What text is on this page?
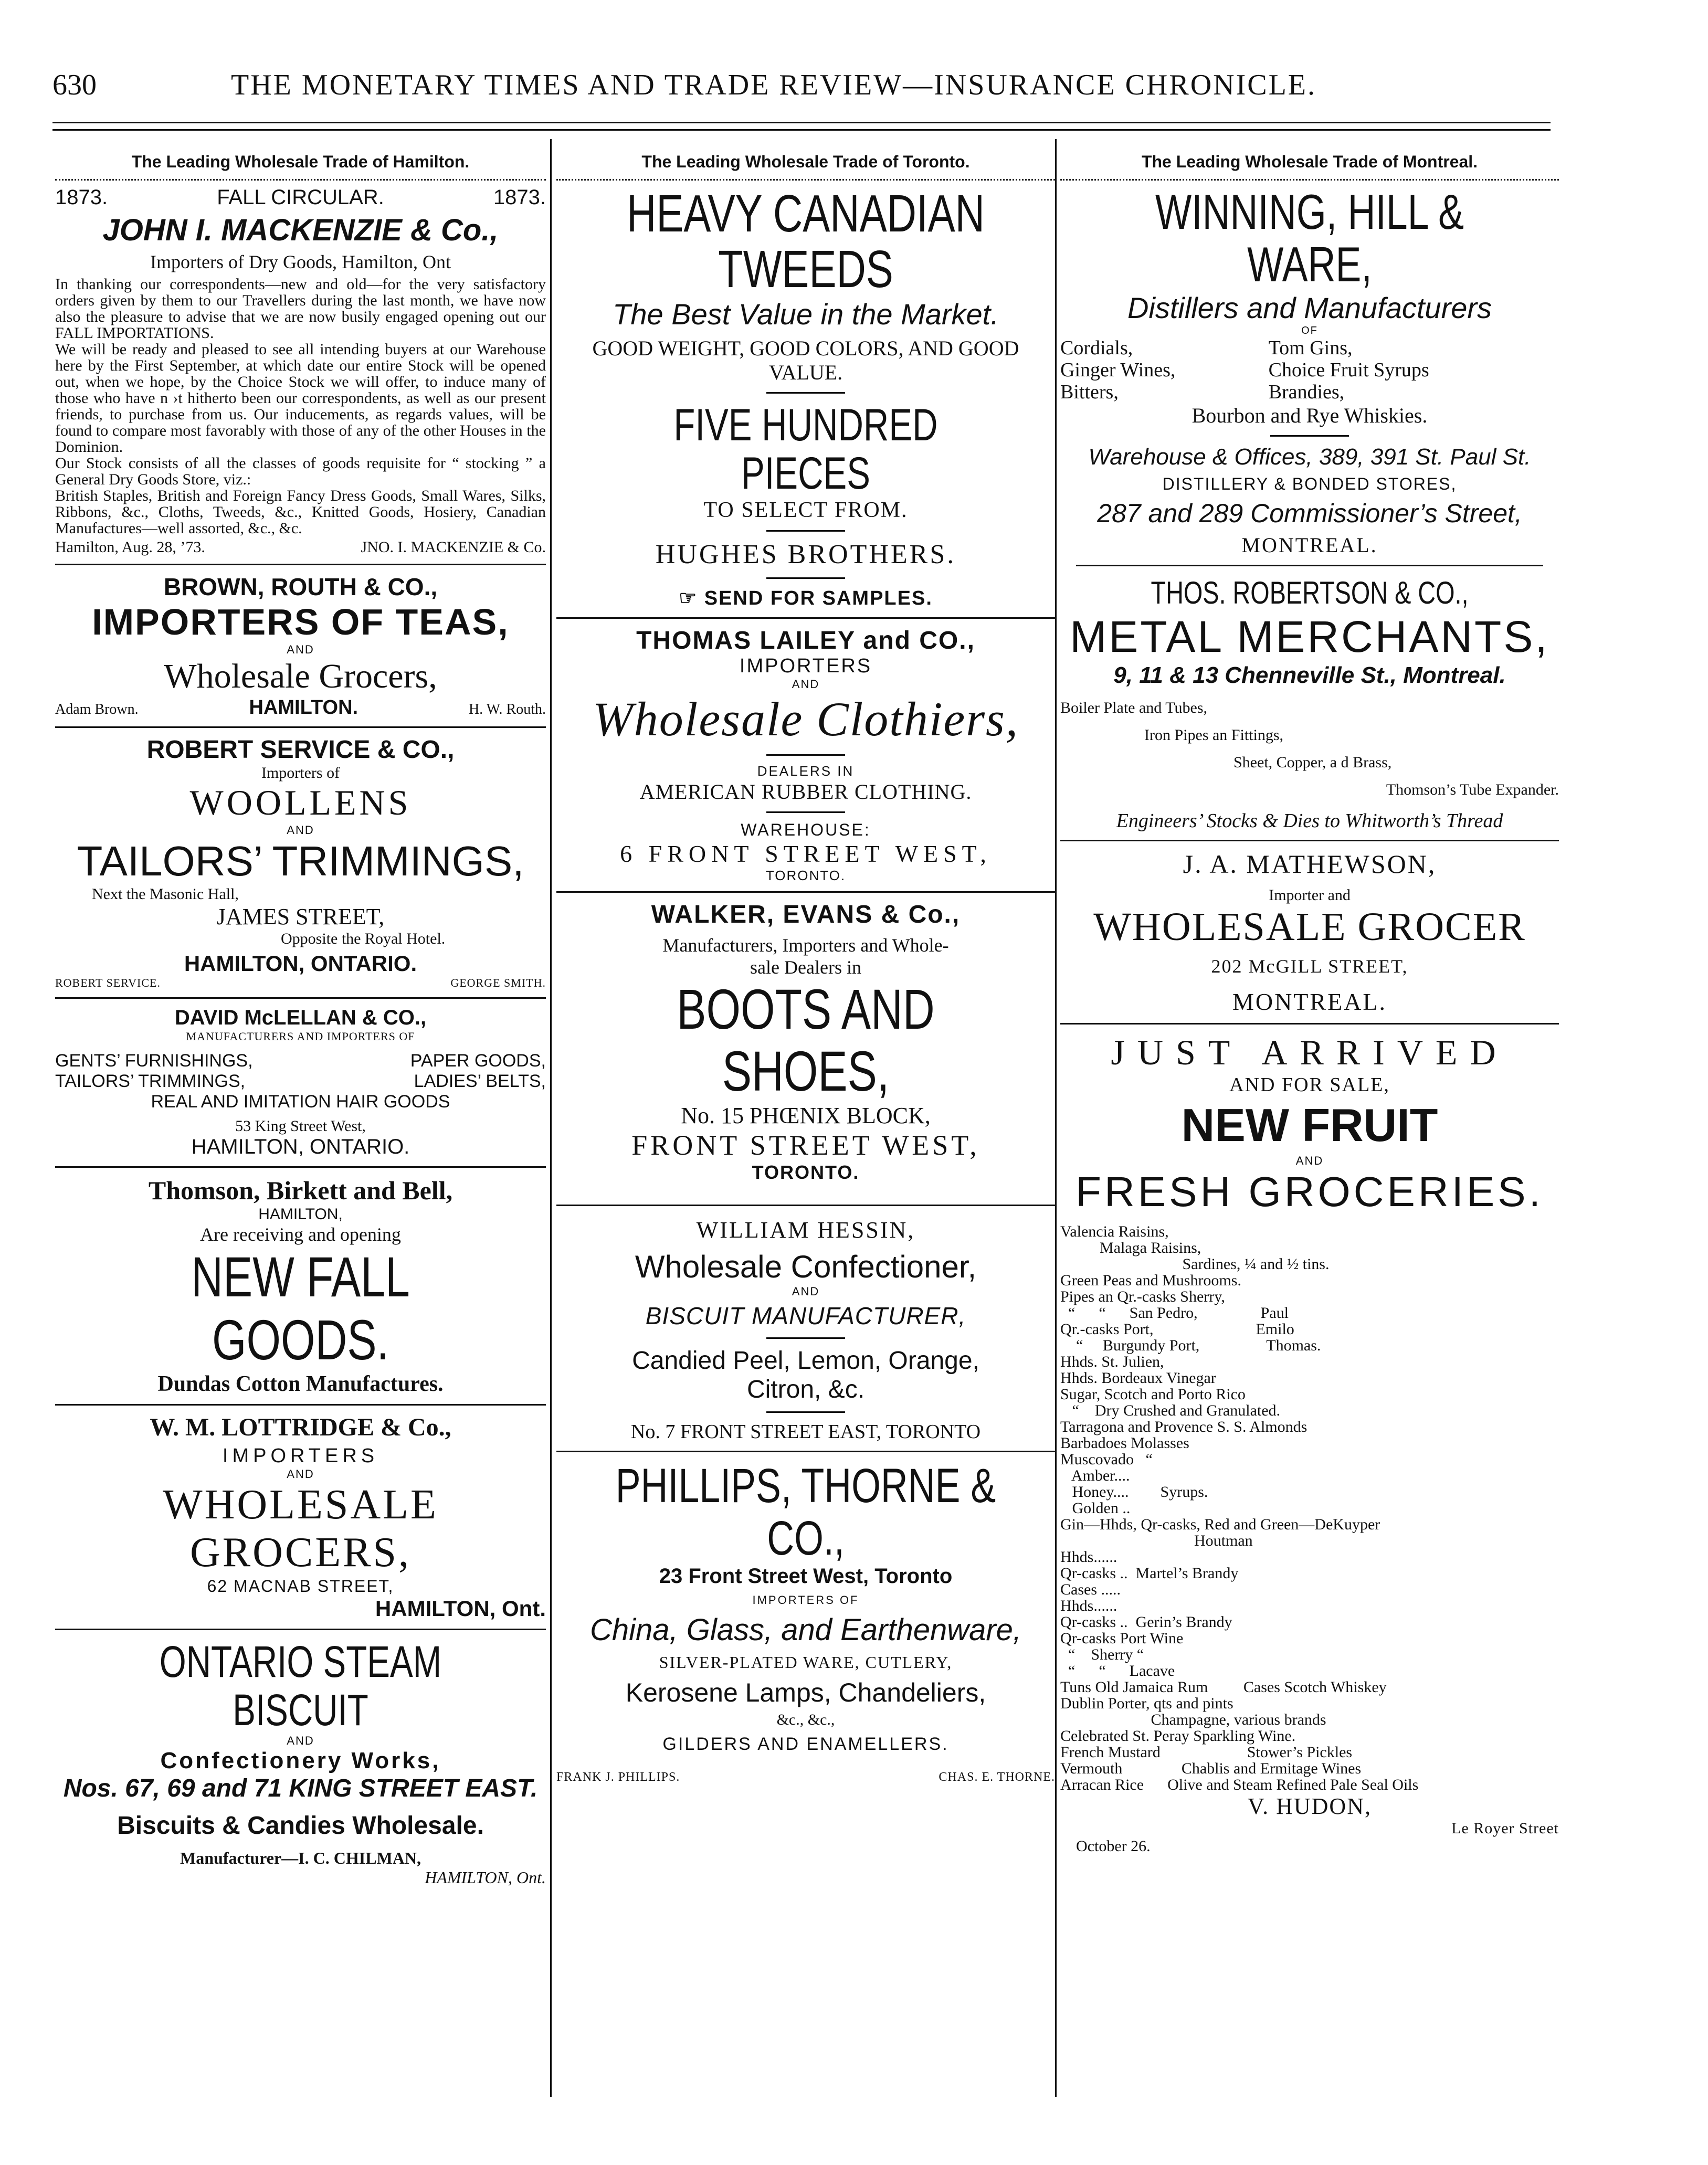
630	THE MONETARY TIMES AND TRADE REVIEW—INSURANCE CHRONICLE.
The Leading Wholesale Trade of Hamilton.
1873.	FALL CIRCULAR.	1873.
JOHN I. MACKENZIE & Co.,
Importers of Dry Goods, Hamilton, Ont
In thanking our correspondents—new and old—for the very satisfactory orders given by them to our Travellers during the last month, we have now also the pleasure to advise that we are now busily engaged opening out our FALL IMPORTATIONS.
We will be ready and pleased to see all intending buyers at our Warehouse here by the First September, at which date our entire Stock will be opened out, when we hope, by the Choice Stock we will offer, to induce many of those who have n ›t hitherto been our correspondents, as well as our present friends, to purchase from us. Our inducements, as regards values, will be found to compare most favorably with those of any of the other Houses in the Dominion.
Our Stock consists of all the classes of goods requisite for “ stocking ” a General Dry Goods Store, viz.:
British Staples, British and Foreign Fancy Dress Goods, Small Wares, Silks, Ribbons, &c., Cloths, Tweeds, &c., Knitted Goods, Hosiery, Canadian Manufactures—well assorted, &c., &c.
Hamilton, Aug. 28, ’73.	JNO. I. MACKENZIE & Co.
BROWN, ROUTH & CO.,
IMPORTERS OF TEAS,
AND
Wholesale Grocers,
Adam Brown.	HAMILTON.	H. W. Routh.
ROBERT SERVICE & CO.,
Importers of
WOOLLENS
AND
TAILORS’ TRIMMINGS,
Next the Masonic Hall,
JAMES STREET,
Opposite the Royal Hotel.
HAMILTON, ONTARIO.
ROBERT SERVICE.	GEORGE SMITH.
DAVID McLELLAN & CO.,
MANUFACTURERS AND IMPORTERS OF
GENTS’ FURNISHINGS,	PAPER GOODS,
TAILORS’ TRIMMINGS,	LADIES’ BELTS,
REAL AND IMITATION HAIR GOODS
53 King Street West,
HAMILTON, ONTARIO.
Thomson, Birkett and Bell,
HAMILTON,
Are receiving and opening
NEW FALL GOODS.
Dundas Cotton Manufactures.
W. M. LOTTRIDGE & Co.,
IMPORTERS
AND
WHOLESALE GROCERS,
62 MACNAB STREET,
HAMILTON, Ont.
ONTARIO STEAM BISCUIT
AND
Confectionery Works,
Nos. 67, 69 and 71 KING STREET EAST.
Biscuits & Candies Wholesale.
Manufacturer—I. C. CHILMAN,
HAMILTON, Ont.
The Leading Wholesale Trade of Toronto.
HEAVY CANADIAN TWEEDS
The Best Value in the Market.
GOOD WEIGHT, GOOD COLORS, AND GOOD VALUE.
FIVE HUNDRED PIECES
TO SELECT FROM.
HUGHES BROTHERS.
☞ SEND FOR SAMPLES.
THOMAS LAILEY and CO.,
IMPORTERS
AND
Wholesale Clothiers,
DEALERS IN
AMERICAN RUBBER CLOTHING.
WAREHOUSE:
6 FRONT STREET WEST,
TORONTO.
WALKER, EVANS & Co.,
Manufacturers, Importers and Whole-
sale Dealers in
BOOTS AND SHOES,
No. 15 PHŒNIX BLOCK,
FRONT STREET WEST,
TORONTO.
WILLIAM HESSIN,
Wholesale Confectioner,
AND
BISCUIT MANUFACTURER,
Candied Peel, Lemon, Orange,
Citron, &c.
No. 7 FRONT STREET EAST, TORONTO
PHILLIPS, THORNE & CO.,
23 Front Street West, Toronto
IMPORTERS OF
China, Glass, and Earthenware,
SILVER-PLATED WARE, CUTLERY,
Kerosene Lamps, Chandeliers,
&c., &c.,
GILDERS AND ENAMELLERS.
FRANK J. PHILLIPS.	CHAS. E. THORNE.
The Leading Wholesale Trade of Montreal.
WINNING, HILL & WARE,
Distillers and Manufacturers
OF
Cordials,	Tom Gins,
Ginger Wines,	Choice Fruit Syrups
Bitters,	Brandies,
Bourbon and Rye Whiskies.
Warehouse & Offices, 389, 391 St. Paul St.
DISTILLERY & BONDED STORES,
287 and 289 Commissioner’s Street,
MONTREAL.
THOS. ROBERTSON & CO.,
METAL MERCHANTS,
9, 11 & 13 Chenneville St., Montreal.
Boiler Plate and Tubes,
Iron Pipes an Fittings,
Sheet, Copper, a d Brass,
Thomson’s Tube Expander.
Engineers’ Stocks & Dies to Whitworth’s Thread
J. A. MATHEWSON,
Importer and
WHOLESALE GROCER
202 McGILL STREET,
MONTREAL.
JUST ARRIVED
AND FOR SALE,
NEW FRUIT
AND
FRESH GROCERIES.
Valencia Raisins,
Malaga Raisins,
Sardines, ¼ and ½ tins.
Green Peas and Mushrooms.
Pipes an Qr.-casks Sherry,
“      “      San Pedro,                Paul
Qr.-casks Port,                          Emilo
“     Burgundy Port,                 Thomas.
Hhds. St. Julien,
Hhds. Bordeaux Vinegar
Sugar, Scotch and Porto Rico
“    Dry Crushed and Granulated.
Tarragona and Provence S. S. Almonds
Barbadoes Molasses
Muscovado   “
Amber....
Honey....        Syrups.
Golden ..
Gin—Hhds, Qr-casks, Red and Green—DeKuyper
Houtman
Hhds......
Qr-casks ..  Martel’s Brandy
Cases .....
Hhds......
Qr-casks ..  Gerin’s Brandy
Qr-casks Port Wine
“    Sherry “
“      “      Lacave
Tuns Old Jamaica Rum         Cases Scotch Whiskey
Dublin Porter, qts and pints
Champagne, various brands
Celebrated St. Peray Sparkling Wine.
French Mustard                      Stower’s Pickles
Vermouth               Chablis and Ermitage Wines
Arracan Rice      Olive and Steam Refined Pale Seal Oils
V. HUDON,
Le Royer Street
October 26.
